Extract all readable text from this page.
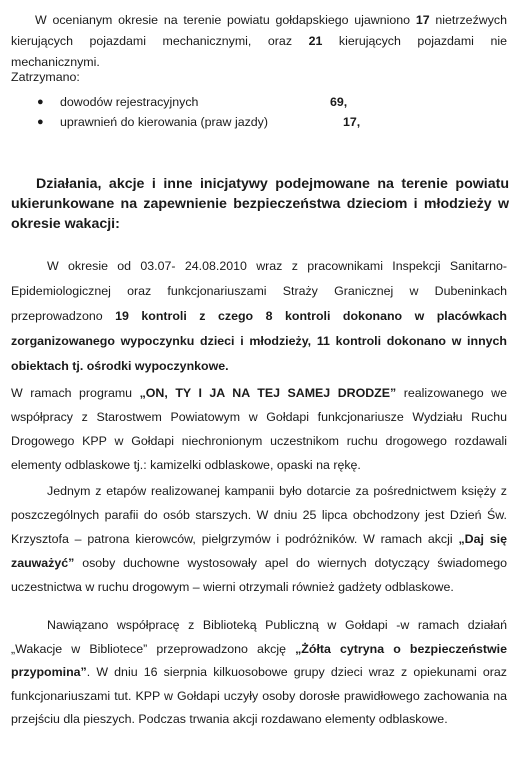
W ocenianym okresie na terenie powiatu gołdapskiego ujawniono 17 nietrzeźwych kierujących pojazdami mechanicznymi, oraz 21 kierujących pojazdami nie mechanicznymi.

Zatrzymano:
● dowodów rejestracyjnych	69,
● uprawnień do kierowania (praw jazdy)	17,
Działania, akcje i inne inicjatywy podejmowane na terenie powiatu ukierunkowane na zapewnienie bezpieczeństwa dzieciom i młodzieży w okresie wakacji:

W okresie od 03.07- 24.08.2010 wraz z pracownikami Inspekcji Sanitarno-Epidemiologicznej oraz funkcjonariuszami Straży Granicznej w Dubeninkach przeprowadzono 19 kontroli z czego 8 kontroli dokonano w placówkach zorganizowanego wypoczynku dzieci i młodzieży, 11 kontroli dokonano w innych obiektach tj. ośrodki wypoczynkowe.

W ramach programu „ON, TY I JA NA TEJ SAMEJ DRODZE” realizowanego we współpracy z Starostwem Powiatowym w Gołdapi funkcjonariusze Wydziału Ruchu Drogowego KPP w Gołdapi niechronionym uczestnikom ruchu drogowego rozdawali elementy odblaskowe tj.: kamizelki odblaskowe, opaski na rękę.

Jednym z etapów realizowanej kampanii było dotarcie za pośrednictwem księży z poszczególnych parafii do osób starszych. W dniu 25 lipca obchodzony jest Dzień Św. Krzysztofa – patrona kierowców, pielgrzymów i podróżników. W ramach akcji „Daj się zauważyć” osoby duchowne wystosowały apel do wiernych dotyczący świadomego uczestnictwa w ruchu drogowym – wierni otrzymali również gadżety odblaskowe.

Nawiązano współpracę z Biblioteką Publiczną w Gołdapi -w ramach działań „Wakacje w Bibliotece” przeprowadzono akcję „Żółta cytryna o bezpieczeństwie przypomina”. W dniu 16 sierpnia kilkuosobowe grupy dzieci wraz z opiekunami oraz funkcjonariuszami tut. KPP w Gołdapi uczyły osoby dorosłe prawidłowego zachowania na przejściu dla pieszych. Podczas trwania akcji rozdawano elementy odblaskowe.
